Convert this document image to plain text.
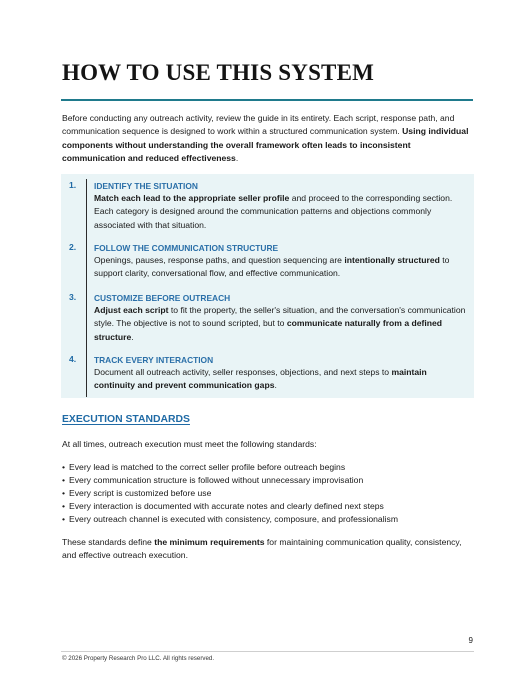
HOW TO USE THIS SYSTEM

Before conducting any outreach activity, review the guide in its entirety. Each script, response path, and communication sequence is designed to work within a structured communication system. Using individual components without understanding the overall framework often leads to inconsistent communication and reduced effectiveness.

1. IDENTIFY THE SITUATION

Match each lead to the appropriate seller profile and proceed to the corresponding section. Each category is designed around the communication patterns and objections commonly associated with that situation.

2. FOLLOW THE COMMUNICATION STRUCTURE

Openings, pauses, response paths, and question sequencing are intentionally structured to support clarity, conversational flow, and effective communication.

3. CUSTOMIZE BEFORE OUTREACH

Adjust each script to fit the property, the seller's situation, and the conversation's communication style. The objective is not to sound scripted, but to communicate naturally from a defined structure.

4. TRACK EVERY INTERACTION

Document all outreach activity, seller responses, objections, and next steps to maintain continuity and prevent communication gaps.

EXECUTION STANDARDS

At all times, outreach execution must meet the following standards:

• Every lead is matched to the correct seller profile before outreach begins
• Every communication structure is followed without unnecessary improvisation
• Every script is customized before use
• Every interaction is documented with accurate notes and clearly defined next steps
• Every outreach channel is executed with consistency, composure, and professionalism

These standards define the minimum requirements for maintaining communication quality, consistency, and effective outreach execution.

9
© 2026 Property Research Pro LLC. All rights reserved.
